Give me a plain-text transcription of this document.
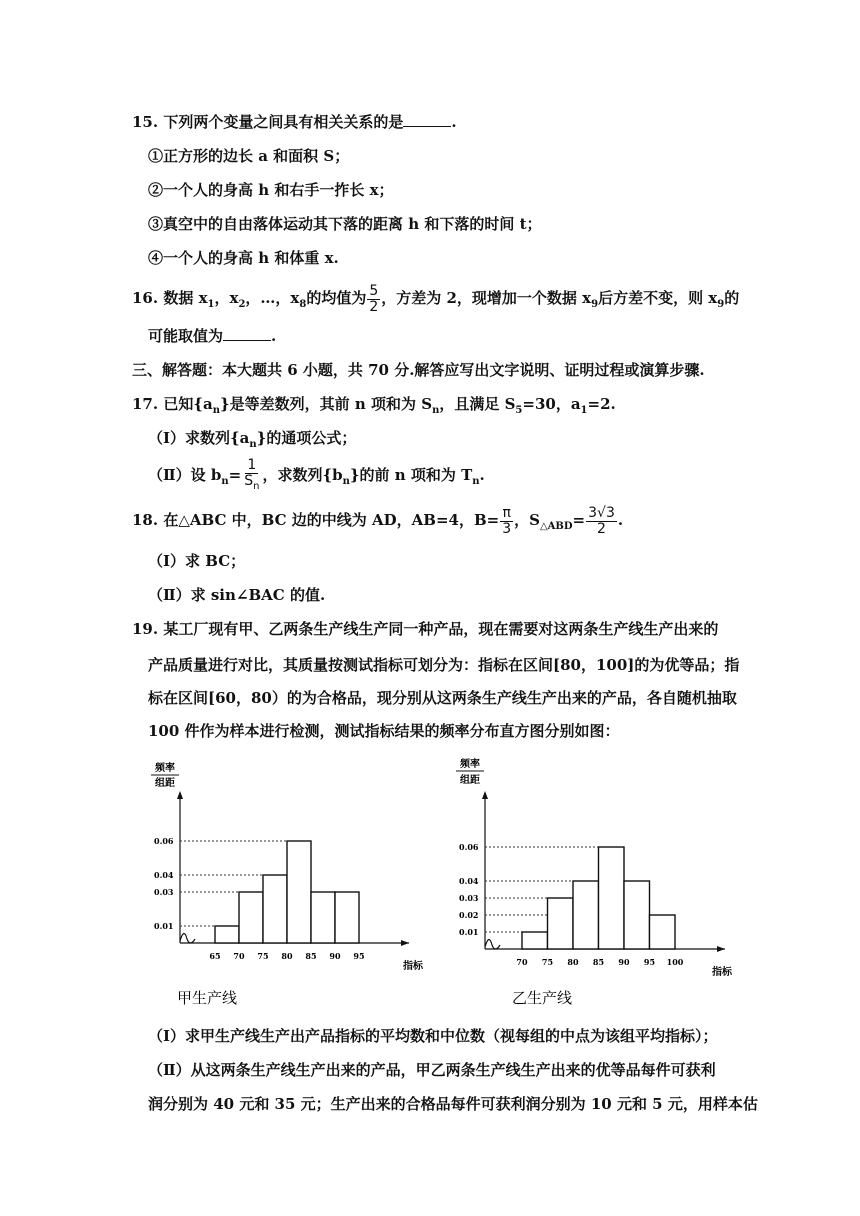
15. 下列两个变量之间具有相关关系的是	.
①正方形的边长 a 和面积 S；
②一个人的身高 h 和右手一拃长 x；
③真空中的自由落体运动其下落的距离 h 和下落的时间 t；
④一个人的身高 h 和体重 x.
16. 数据 $x_1$，$x_2$，…，$x_8$的均值为 $\frac{5}{2}$ ，方差为 2，现增加一个数据 $x_9$后方差不变，则 $x_9$的
可能取值为	.
三、解答题：本大题共 6 小题，共 70 分.解答应写出文字说明、证明过程或演算步骤.
17. 已知$\{a_n\}$是等差数列，其前 n 项和为 $S_n$，且满足 $S_5=30$，$a_1=2$.
（Ⅰ）求数列$\{a_n\}$的通项公式；
（Ⅱ）设 $b_n= \frac{1}{S_n}$ ，求数列$\{b_n\}$的前 n 项和为 $T_n$.
18. 在△ABC 中，BC 边的中线为 AD，AB=4，$B= \frac{\pi}{3}$ ，$S_{\triangle ABD}= \frac{3√3}{2}$ .
（Ⅰ）求 BC；
（Ⅱ）求 sin∠BAC 的值.
19. 某工厂现有甲、乙两条生产线生产同一种产品，现在需要对这两条生产线生产出来的
产品质量进行对比，其质量按测试指标可划分为：指标在区间[80，100]的为优等品；指
标在区间[60，80）的为合格品，现分别从这两条生产线生产出来的产品，各自随机抽取
100 件作为样本进行检测，测试指标结果的频率分布直方图分别如图：
频率
组距
指标
甲生产线
0.01
0.03
0.04
0.06
65 70 75 80 85 90 95
频率
组距
指标
乙生产线
0.01
0.02
0.03
0.04
0.06
70 75 80 85 90 95 100
（Ⅰ）求甲生产线生产出产品指标的平均数和中位数（视每组的中点为该组平均指标）；
（Ⅱ）从这两条生产线生产出来的产品，甲乙两条生产线生产出来的优等品每件可获利
润分别为 40 元和 35 元；生产出来的合格品每件可获利润分别为 10 元和 5 元，用样本估
